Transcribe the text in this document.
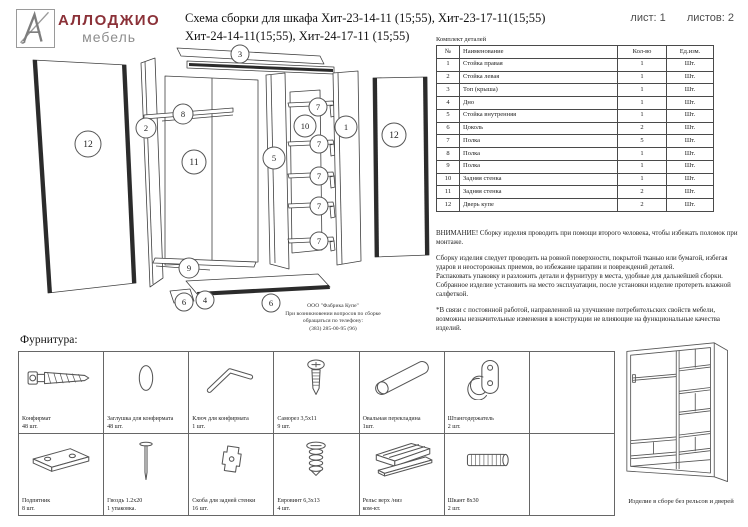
АЛЛОДЖИО
мебель
Схема сборки для шкафа Хит-23-14-11 (15;55), Хит-23-17-11(15;55)
Хит-24-14-11(15;55), Хит-24-17-11 (15;55)
лист: 1 листов: 2
12
2
8
11
3
5
10
7
7
7
7
7
1
12
9
6 4	6	ООО "Фабрика Купе"
При возникновении вопросов по сборке
обращаться по телефону:
(383) 285-00-95 (96)
Комплект деталей
№	Наименование	Кол-во	Ед.изм.
1	Стойка правая	1	Шт.
2	Стойка левая	1	Шт.
3	Топ (крыша)	1	Шт.
4	Дно	1	Шт.
5	Стойка внутренняя	1	Шт.
6	Цоколь	2	Шт.
7	Полка	5	Шт.
8	Полка	1	Шт.
9	Полка	1	Шт.
10	Задняя стенка	1	Шт.
11	Задняя стенка	2	Шт.
12	Дверь купе	2	Шт.
ВНИМАНИЕ! Сборку изделия проводить при помощи второго человека, чтобы избежать поломок при монтаже.
Сборку изделия следует проводить на ровной поверхности, покрытой тканью или бумагой, избегая ударов и неосторожных приемов, во избежание царапин и повреждений деталей.
Распаковать упаковку и разложить детали и фурнитуру в места, удобные для дальнейшей сборки.
Собранное изделие установить на место эксплуатации, после установки изделие протереть влажной салфеткой.
*В связи с постоянной работой, направленной на улучшение потребительских свойств мебели, возможны незначительные изменения в конструкции не влияющие на функциональные качества изделий.
Фурнитура:
Конфирмат
48 шт.
Заглушка для конфирмата
48 шт.
Ключ для конфирмата
1 шт.
Саморез 3,5х11
9 шт.
Овальная перекладина
1шт.
Штангодержатель
2 шт.
Подпятник
8 шт.
Гвоздь 1.2х20
1 упаковка.
Скоба для задней стенки
16 шт.
Евровинт 6,3х13
4 шт.
Рельс верх /низ
ком-кт.
Шкант 8х30
2 шт.
Изделие в сборе без рельсов и дверей
